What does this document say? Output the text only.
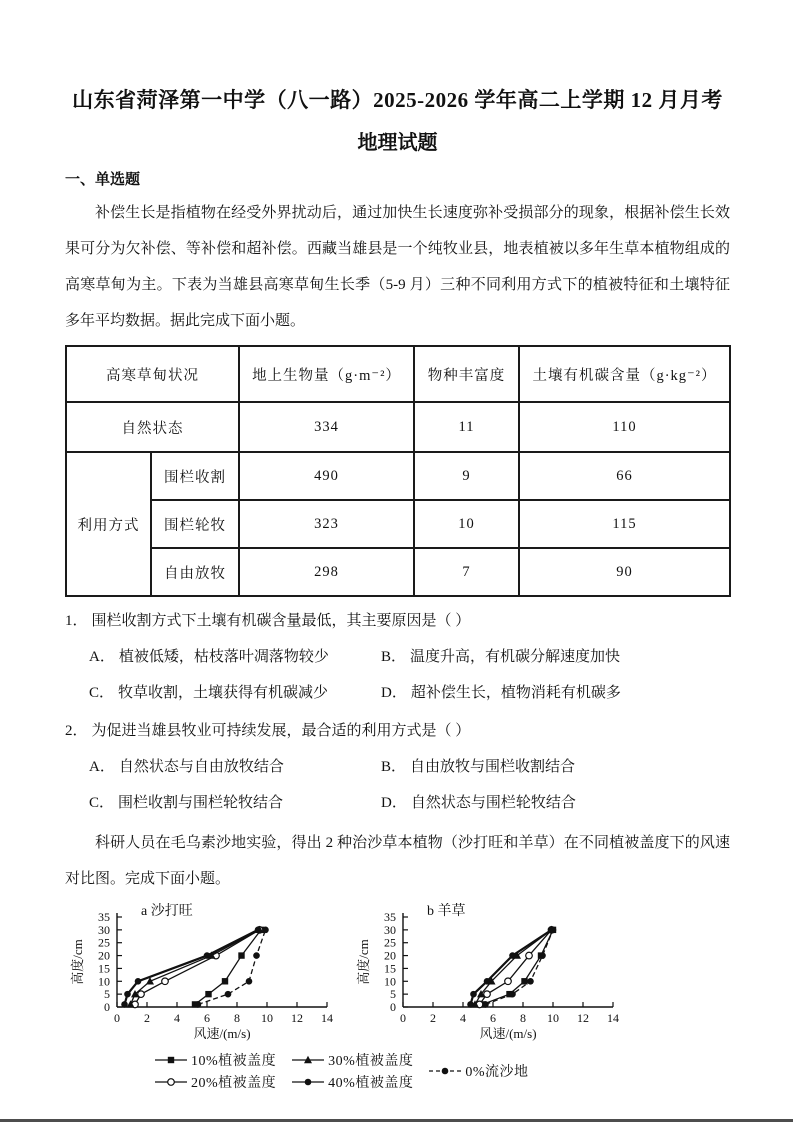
山东省菏泽第一中学（八一路）2025-2026 学年高二上学期 12 月月考
地理试题
一、单选题

补偿生长是指植物在经受外界扰动后，通过加快生长速度弥补受损部分的现象，根据补偿生长效果可分为欠补偿、等补偿和超补偿。西藏当雄县是一个纯牧业县，地表植被以多年生草本植物组成的高寒草甸为主。下表为当雄县高寒草甸生长季（5-9 月）三种不同利用方式下的植被特征和土壤特征多年平均数据。据此完成下面小题。

高寒草甸状况		地上生物量（g·m⁻²）	物种丰富度	土壤有机碳含量（g·kg⁻²）
自然状态		334	11	110
利用方式	围栏收割	490	9	66
	围栏轮牧	323	10	115
	自由放牧	298	7	90
1． 围栏收割方式下土壤有机碳含量最低，其主要原因是（ ）
A． 植被低矮，枯枝落叶凋落物较少	B． 温度升高，有机碳分解速度加快
C． 牧草收割，土壤获得有机碳减少	D． 超补偿生长，植物消耗有机碳多
2． 为促进当雄县牧业可持续发展，最合适的利用方式是（ ）
A． 自然状态与自由放牧结合	B． 自由放牧与围栏收割结合
C． 围栏收割与围栏轮牧结合	D． 自然状态与围栏轮牧结合

科研人员在毛乌素沙地实验，得出 2 种治沙草本植物（沙打旺和羊草）在不同植被盖度下的风速对比图。完成下面小题。

a 沙打旺
0
5
10
15
20
25
30
35
0 2 4 6 8 10 12 14
风速/(m/s)
高度/cm
b 羊草
0
5
10
15
20
25
30
35
0 2 4 6 8 10 12 14
风速/(m/s)
高度/cm
10%植被盖度
20%植被盖度
30%植被盖度
40%植被盖度
0%流沙地
